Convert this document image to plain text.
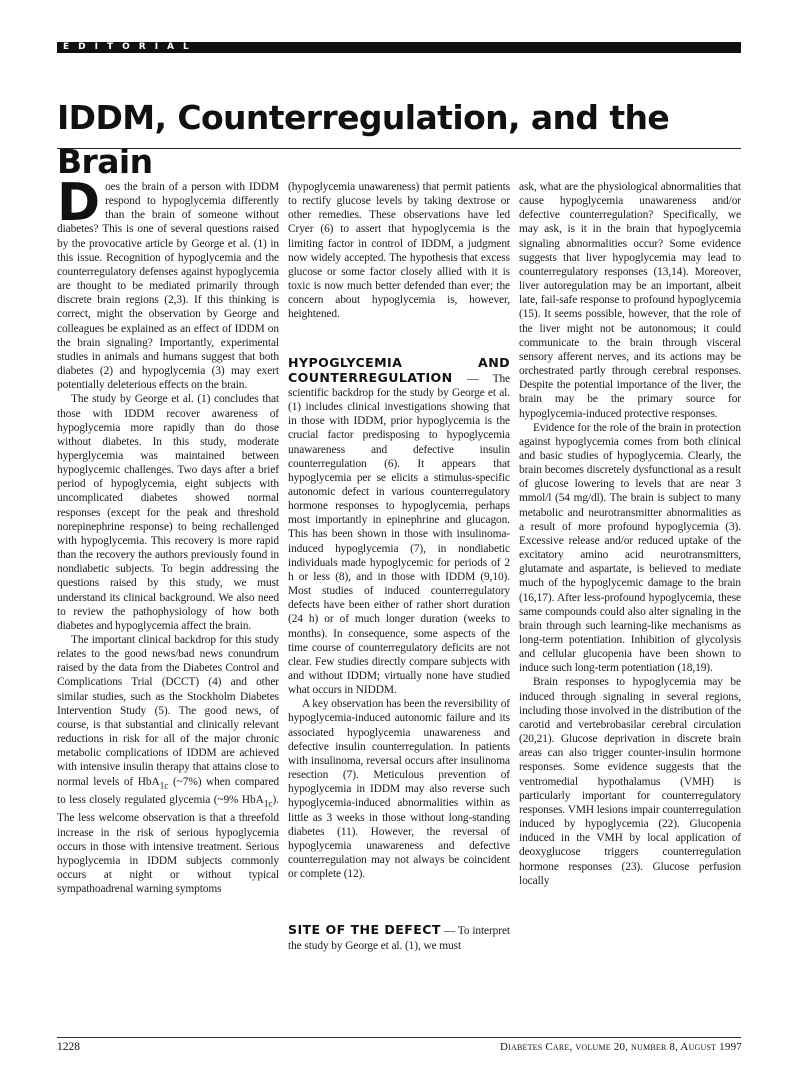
EDITORIAL
IDDM, Counterregulation, and the Brain

Does the brain of a person with IDDM respond to hypoglycemia differently than the brain of someone without diabetes? This is one of several questions raised by the provocative article by George et al. (1) in this issue. Recognition of hypoglycemia and the counterregulatory defenses against hypoglycemia are thought to be mediated primarily through discrete brain regions (2,3). If this thinking is correct, might the observation by George and colleagues be explained as an effect of IDDM on the brain signaling? Importantly, experimental studies in animals and humans suggest that both diabetes (2) and hypoglycemia (3) may exert potentially deleterious effects on the brain.

The study by George et al. (1) concludes that those with IDDM recover awareness of hypoglycemia more rapidly than do those without diabetes. In this study, moderate hyperglycemia was maintained between hypoglycemic challenges. Two days after a brief period of hypoglycemia, eight subjects with uncomplicated diabetes showed normal responses (except for the peak and threshold norepinephrine response) to being rechallenged with hypoglycemia. This recovery is more rapid than the recovery the authors previously found in nondiabetic subjects. To begin addressing the questions raised by this study, we must understand its clinical background. We also need to review the pathophysiology of how both diabetes and hypoglycemia affect the brain.

The important clinical backdrop for this study relates to the good news/bad news conundrum raised by the data from the Diabetes Control and Complications Trial (DCCT) (4) and other similar studies, such as the Stockholm Diabetes Intervention Study (5). The good news, of course, is that substantial and clinically relevant reductions in risk for all of the major chronic metabolic complications of IDDM are achieved with intensive insulin therapy that attains close to normal levels of HbA$_{1c}$ (~7%) when compared to less closely regulated glycemia (~9% HbA$_{1c}$). The less welcome observation is that a threefold increase in the risk of serious hypoglycemia occurs in those with intensive treatment. Serious hypoglycemia in IDDM subjects commonly occurs at night or without typical sympathoadrenal warning symptoms

(hypoglycemia unawareness) that permit patients to rectify glucose levels by taking dextrose or other remedies. These observations have led Cryer (6) to assert that hypoglycemia is the limiting factor in control of IDDM, a judgment now widely accepted. The hypothesis that excess glucose or some factor closely allied with it is toxic is now much better defended than ever; the concern about hypoglycemia is, however, heightened.

HYPOGLYCEMIA AND COUNTERREGULATION — The scientific backdrop for the study by George et al. (1) includes clinical investigations showing that in those with IDDM, prior hypoglycemia is the crucial factor predisposing to hypoglycemia unawareness and defective insulin counterregulation (6). It appears that hypoglycemia per se elicits a stimulus-specific autonomic defect in various counterregulatory hormone responses to hypoglycemia, perhaps most importantly in epinephrine and glucagon. This has been shown in those with insulinoma-induced hypoglycemia (7), in nondiabetic individuals made hypoglycemic for periods of 2 h or less (8), and in those with IDDM (9,10). Most studies of induced counterregulatory defects have been either of rather short duration (24 h) or of much longer duration (weeks to months). In consequence, some aspects of the time course of counterregulatory deficits are not clear. Few studies directly compare subjects with and without IDDM; virtually none have studied what occurs in NIDDM.

A key observation has been the reversibility of hypoglycemia-induced autonomic failure and its associated hypoglycemia unawareness and defective insulin counterregulation. In patients with insulinoma, reversal occurs after insulinoma resection (7). Meticulous prevention of hypoglycemia in IDDM may also reverse such hypoglycemia-induced abnormalities within as little as 3 weeks in those without long-standing diabetes (11). However, the reversal of hypoglycemia unawareness and defective counterregulation may not always be coincident or complete (12).

SITE OF THE DEFECT — To interpret the study by George et al. (1), we must

ask, what are the physiological abnormalities that cause hypoglycemia unawareness and/or defective counterregulation? Specifically, we may ask, is it in the brain that hypoglycemia signaling abnormalities occur? Some evidence suggests that liver hypoglycemia may lead to counterregulatory responses (13,14). Moreover, liver autoregulation may be an important, albeit late, fail-safe response to profound hypoglycemia (15). It seems possible, however, that the role of the liver might not be autonomous; it could communicate to the brain through visceral sensory afferent nerves, and its actions may be orchestrated partly through cerebral responses. Despite the potential importance of the liver, the brain may be the primary source for hypoglycemia-induced protective responses.

Evidence for the role of the brain in protection against hypoglycemia comes from both clinical and basic studies of hypoglycemia. Clearly, the brain becomes discretely dysfunctional as a result of glucose lowering to levels that are near 3 mmol/l (54 mg/dl). The brain is subject to many metabolic and neurotransmitter abnormalities as a result of more profound hypoglycemia (3). Excessive release and/or reduced uptake of the excitatory amino acid neurotransmitters, glutamate and aspartate, is believed to mediate much of the hypoglycemic damage to the brain (16,17). After less-profound hypoglycemia, these same compounds could also alter signaling in the brain through such learning-like mechanisms as long-term potentiation. Inhibition of glycolysis and cellular glucopenia have been shown to induce such long-term potentiation (18,19).

Brain responses to hypoglycemia may be induced through signaling in several regions, including those involved in the distribution of the carotid and vertebrobasilar cerebral circulation (20,21). Glucose deprivation in discrete brain areas can also trigger counter-insulin hormone responses. Some evidence suggests that the ventromedial hypothalamus (VMH) is particularly important for counterregulatory responses. VMH lesions impair counterregulation induced by hypoglycemia (22). Glucopenia induced in the VMH by local application of deoxyglucose triggers counterregulation hormone responses (23). Glucose perfusion locally

1228	Diabetes Care, volume 20, number 8, August 1997
